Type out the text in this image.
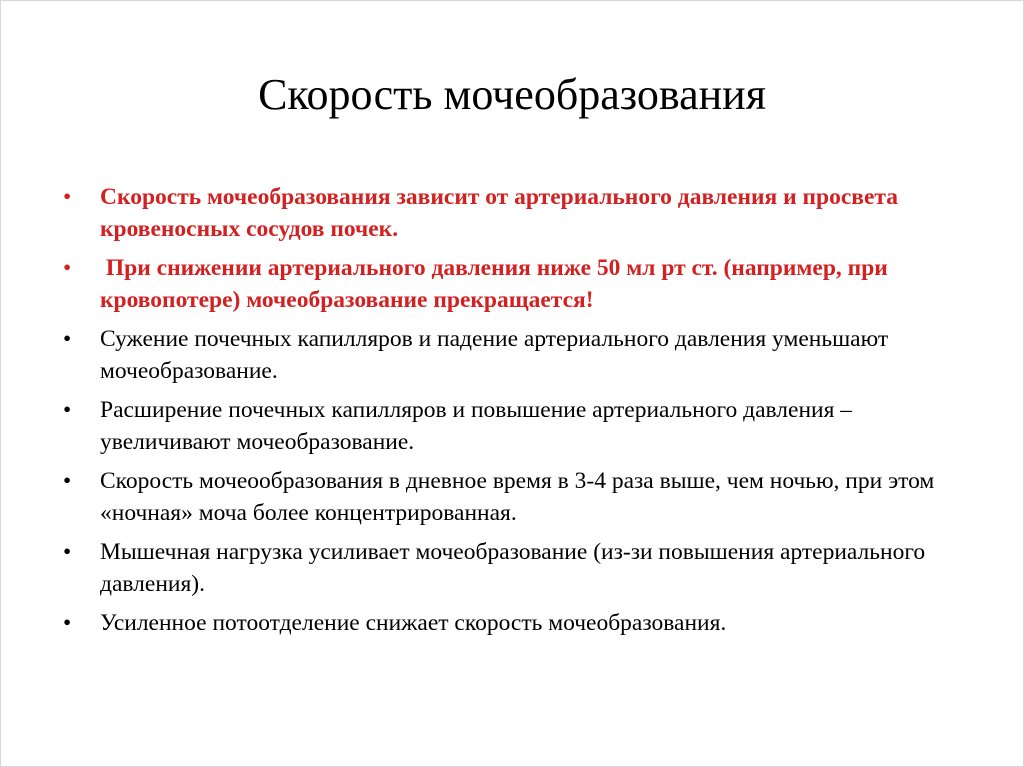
Скорость мочеобразования
• Скорость мочеобразования зависит от артериального давления и просвета кровеносных сосудов почек.
• При снижении артериального давления ниже 50 мл рт ст. (например, при кровопотере) мочеобразование прекращается!
• Сужение почечных капилляров и падение артериального давления уменьшают мочеобразование.
• Расширение почечных капилляров и повышение артериального давления – увеличивают мочеобразование.
• Скорость мочеообразования в дневное время в 3-4 раза выше, чем ночью, при этом «ночная» моча более концентрированная.
• Мышечная нагрузка усиливает мочеобразование (из-зи повышения артериального давления).
• Усиленное потоотделение снижает скорость мочеобразования.
